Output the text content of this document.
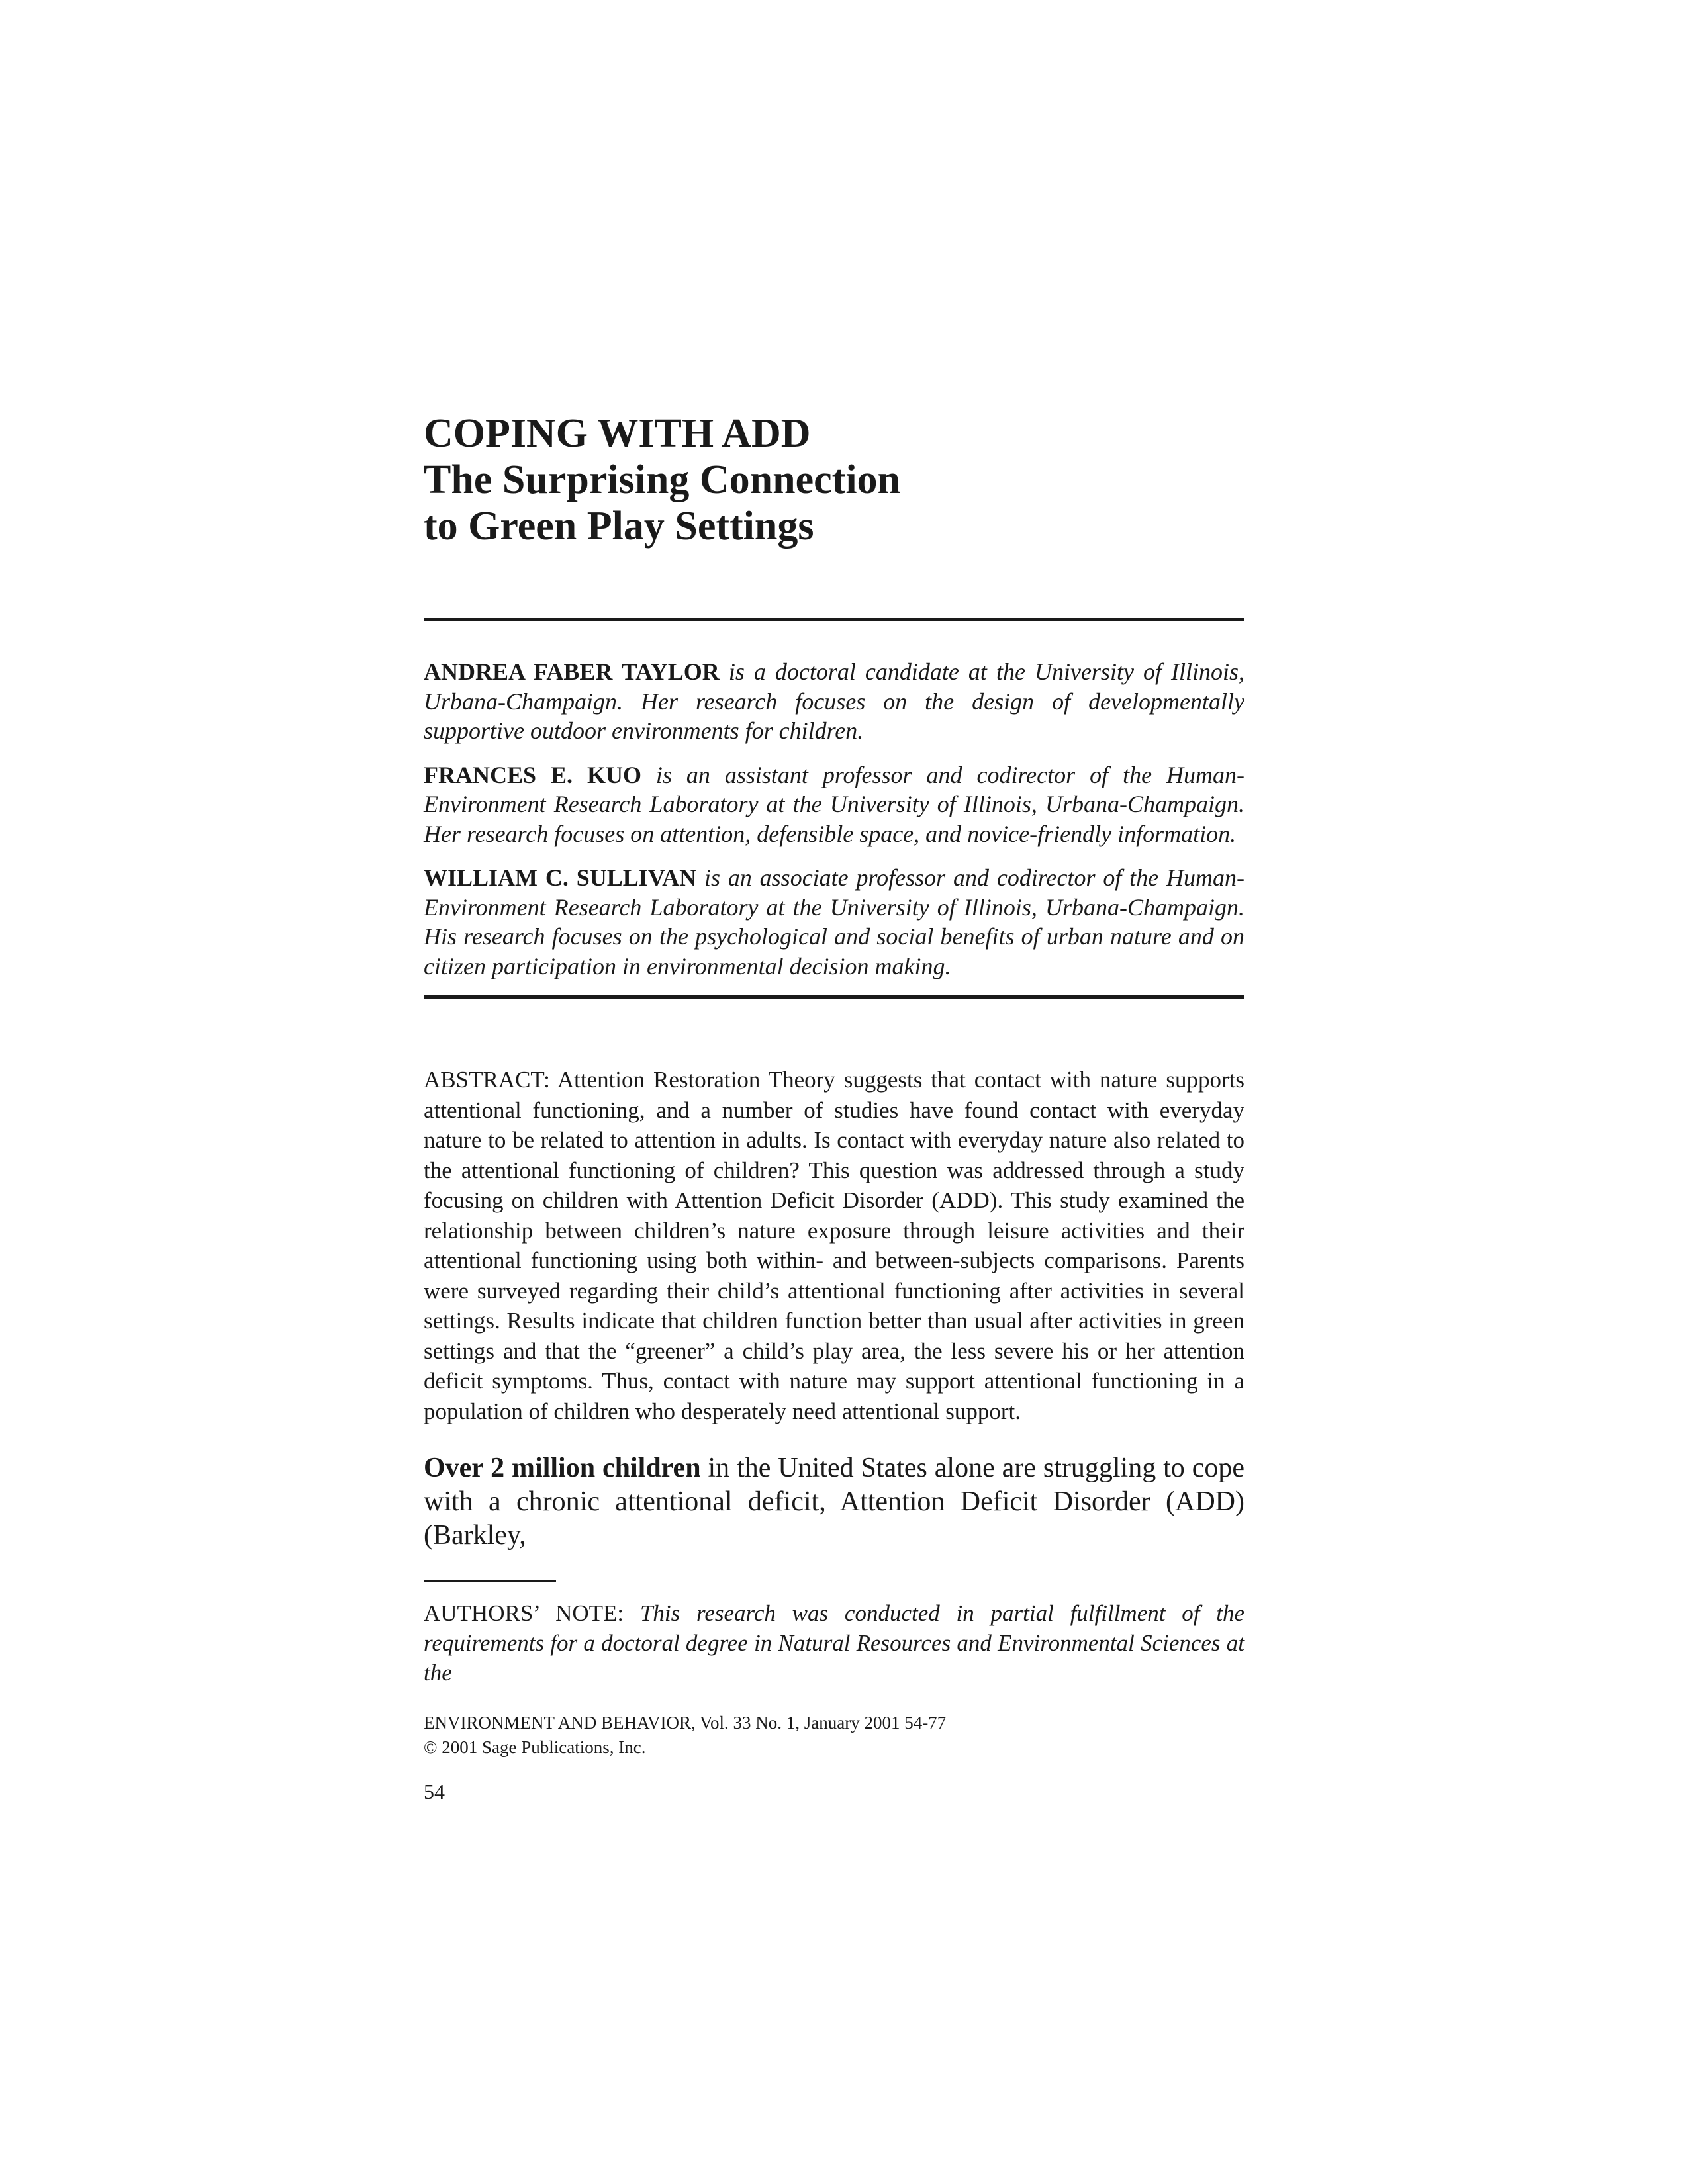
COPING WITH ADD
The Surprising Connection
to Green Play Settings

ANDREA FABER TAYLOR is a doctoral candidate at the University of Illinois, Urbana-Champaign. Her research focuses on the design of developmentally supportive outdoor environments for children.

FRANCES E. KUO is an assistant professor and codirector of the Human-Environment Research Laboratory at the University of Illinois, Urbana-Champaign. Her research focuses on attention, defensible space, and novice-friendly information.

WILLIAM C. SULLIVAN is an associate professor and codirector of the Human-Environment Research Laboratory at the University of Illinois, Urbana-Champaign. His research focuses on the psychological and social benefits of urban nature and on citizen participation in environmental decision making.

ABSTRACT: Attention Restoration Theory suggests that contact with nature supports attentional functioning, and a number of studies have found contact with everyday nature to be related to attention in adults. Is contact with everyday nature also related to the attentional functioning of children? This question was addressed through a study focusing on children with Attention Deficit Disorder (ADD). This study examined the relationship between children’s nature exposure through leisure activities and their attentional functioning using both within- and between-subjects comparisons. Parents were surveyed regarding their child’s attentional functioning after activities in several settings. Results indicate that children function better than usual after activities in green settings and that the “greener” a child’s play area, the less severe his or her attention deficit symptoms. Thus, contact with nature may support attentional functioning in a population of children who desperately need attentional support.

Over 2 million children in the United States alone are struggling to cope with a chronic attentional deficit, Attention Deficit Disorder (ADD) (Barkley,

AUTHORS’ NOTE: This research was conducted in partial fulfillment of the requirements for a doctoral degree in Natural Resources and Environmental Sciences at the

ENVIRONMENT AND BEHAVIOR, Vol. 33 No. 1, January 2001 54-77
© 2001 Sage Publications, Inc.
54
